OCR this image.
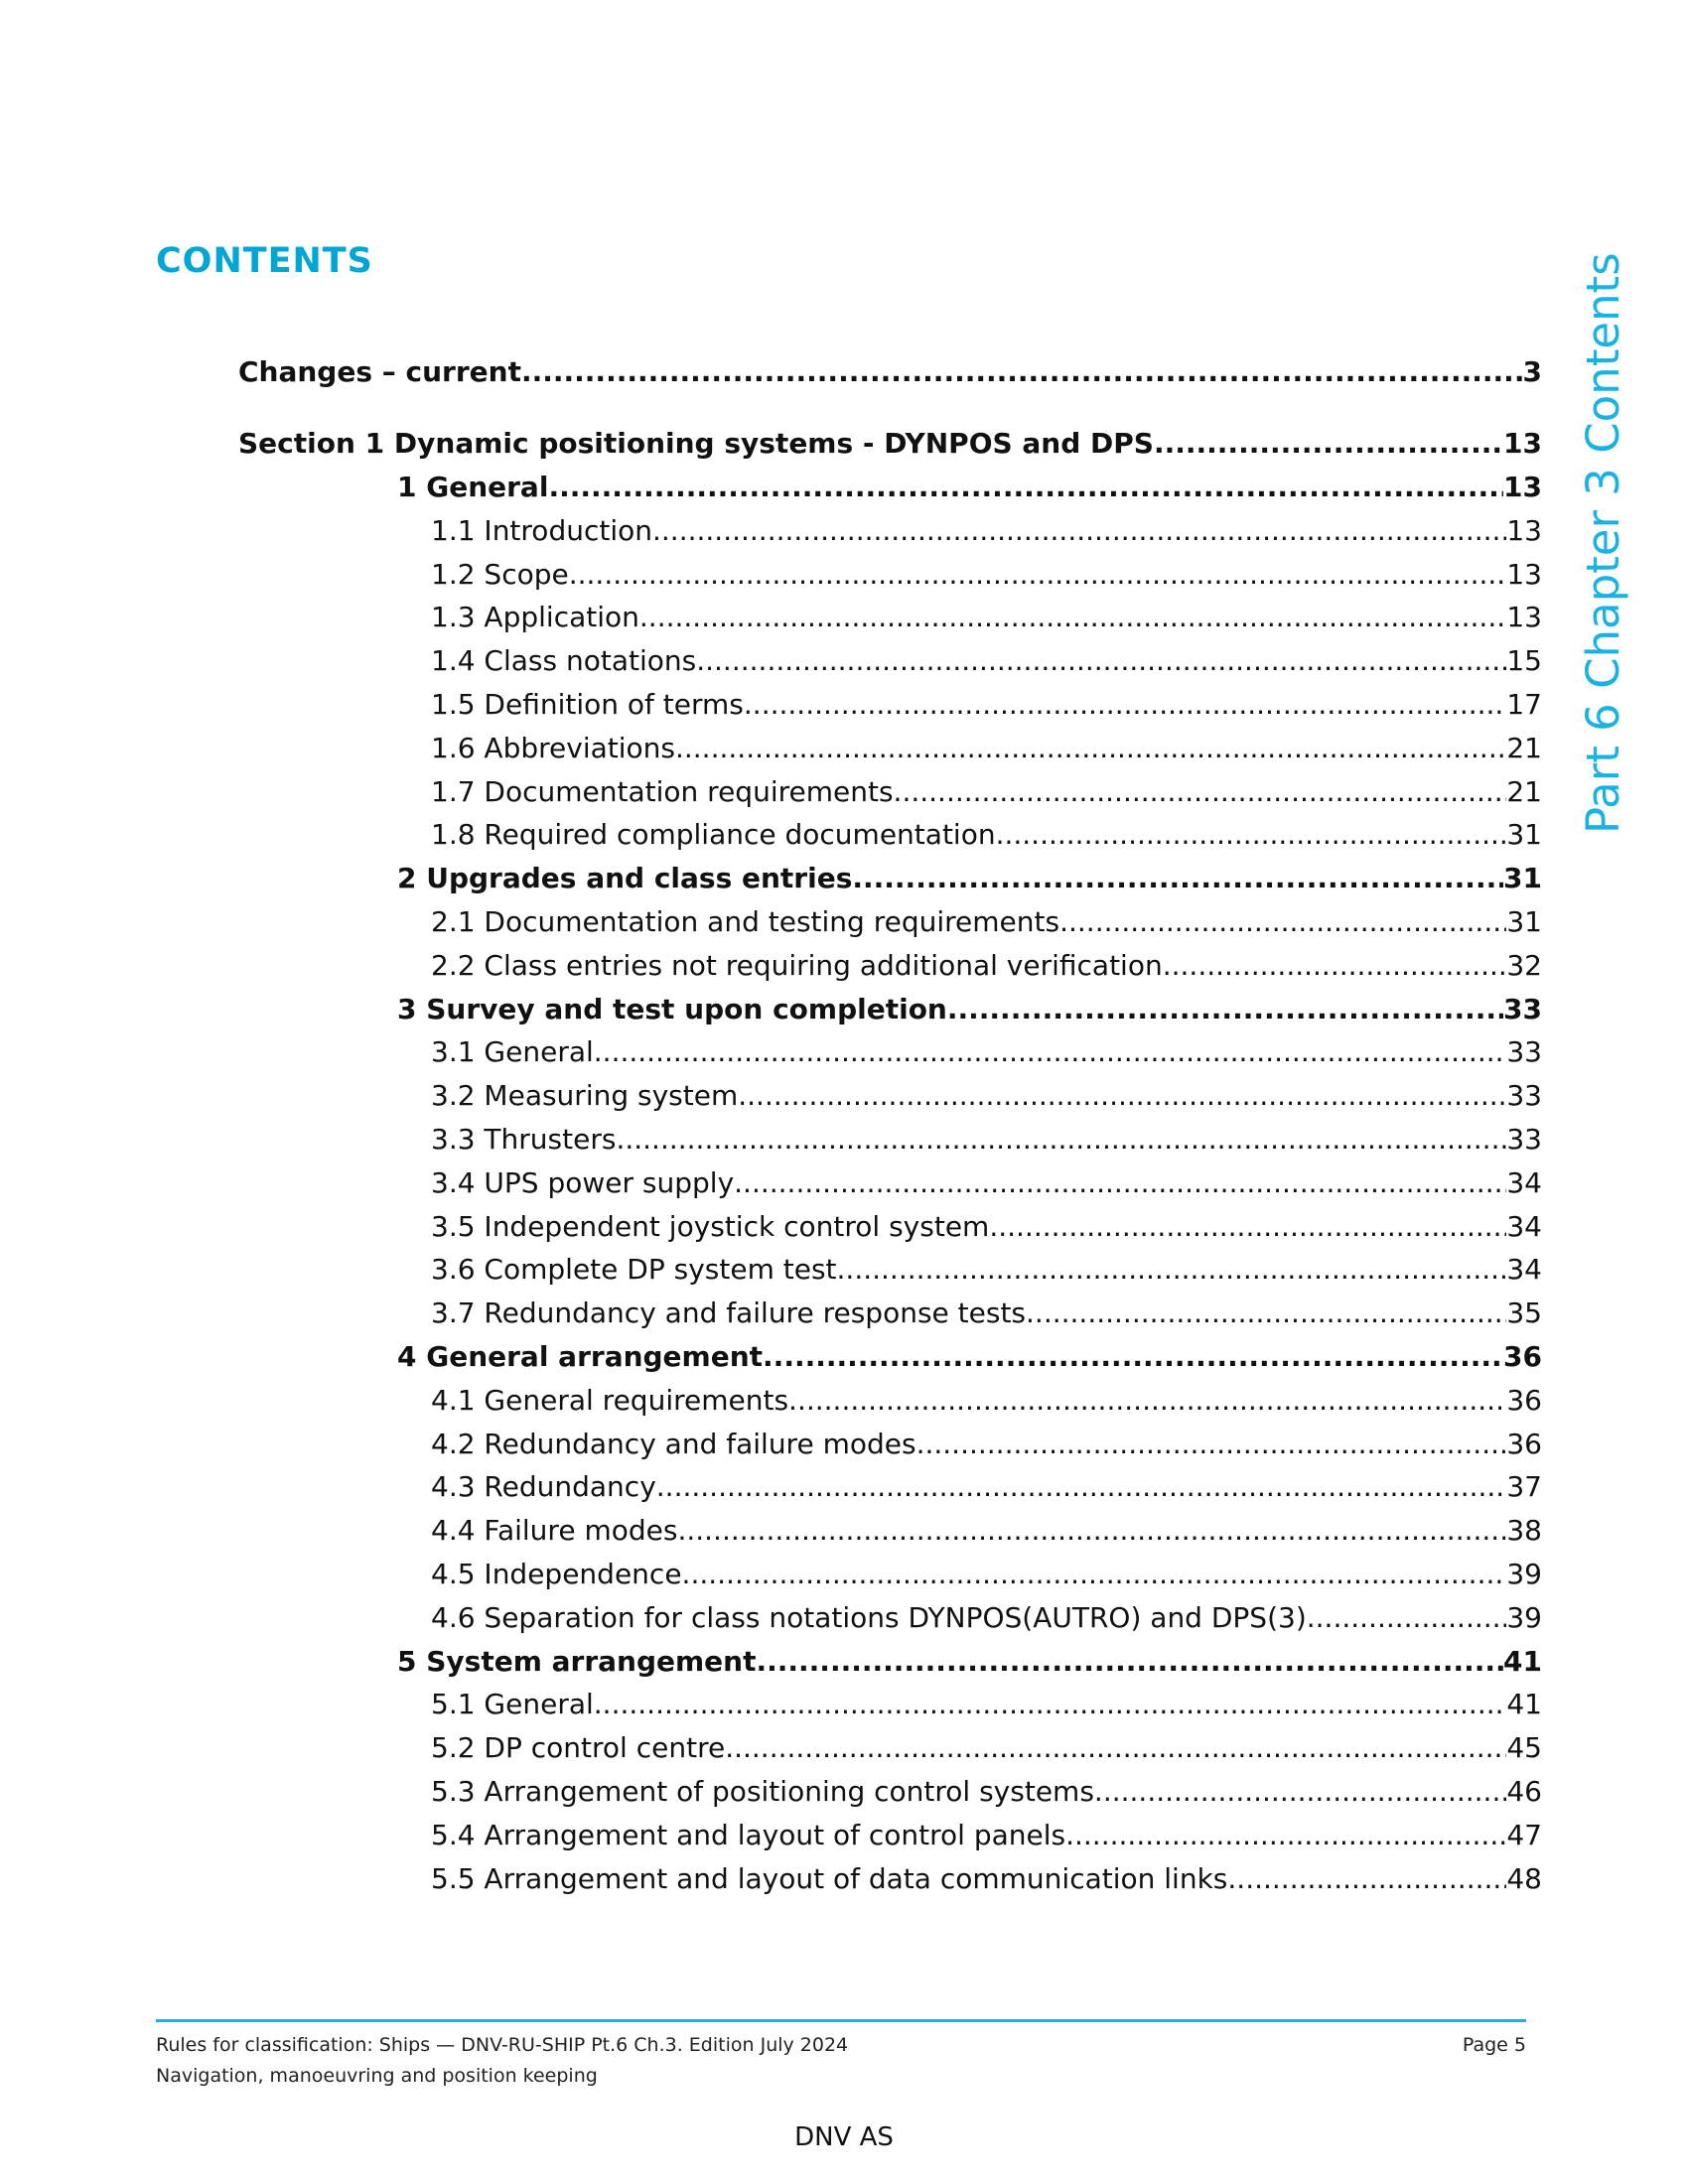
CONTENTS	Part 6 Chapter 3 Contents
Changes – current .....	3
Section 1 Dynamic positioning systems - DYNPOS and DPS .....	13
1 General .....	13
1.1 Introduction .....	13
1.2 Scope .....	13
1.3 Application .....	13
1.4 Class notations .....	15
1.5 Definition of terms .....	17
1.6 Abbreviations .....	21
1.7 Documentation requirements .....	21
1.8 Required compliance documentation .....	31
2 Upgrades and class entries .....	31
2.1 Documentation and testing requirements .....	31
2.2 Class entries not requiring additional verification .....	32
3 Survey and test upon completion .....	33
3.1 General .....	33
3.2 Measuring system .....	33
3.3 Thrusters .....	33
3.4 UPS power supply .....	34
3.5 Independent joystick control system .....	34
3.6 Complete DP system test .....	34
3.7 Redundancy and failure response tests .....	35
4 General arrangement .....	36
4.1 General requirements .....	36
4.2 Redundancy and failure modes .....	36
4.3 Redundancy .....	37
4.4 Failure modes .....	38
4.5 Independence .....	39
4.6 Separation for class notations DYNPOS(AUTRO) and DPS(3) .....	39
5 System arrangement .....	41
5.1 General .....	41
5.2 DP control centre .....	45
5.3 Arrangement of positioning control systems .....	46
5.4 Arrangement and layout of control panels .....	47
5.5 Arrangement and layout of data communication links .....	48
Rules for classification: Ships — DNV-RU-SHIP Pt.6 Ch.3. Edition July 2024
Navigation, manoeuvring and position keeping
Page 5
DNV AS
